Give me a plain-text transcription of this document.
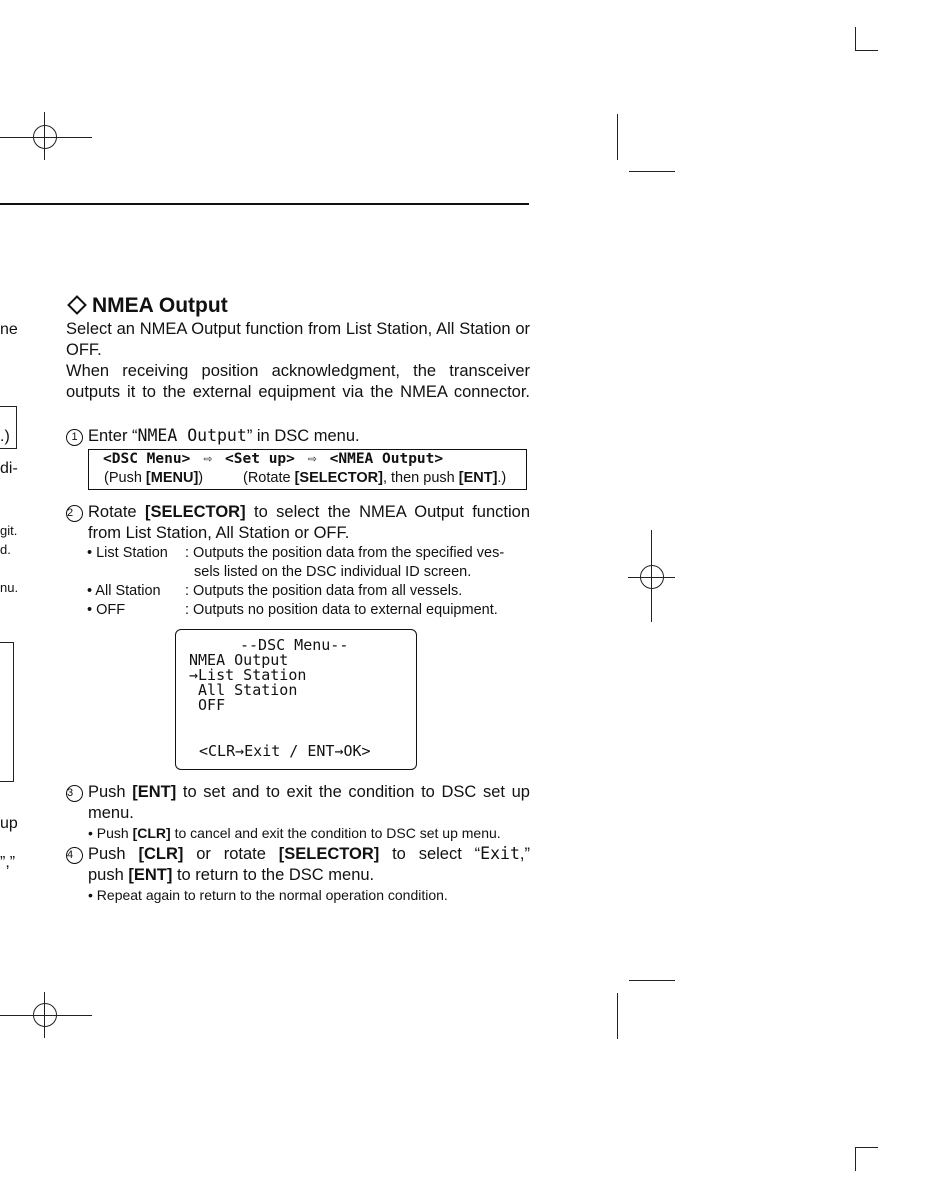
ne
.)
di-
git.
d.
nu.
up
”,”
NMEA Output
Select an NMEA Output function from List Station, All Station or OFF.
When receiving position acknowledgment, the transceiver outputs it to the external equipment via the NMEA connector.
1 Enter “NMEA Output” in DSC menu.
<DSC Menu> ⇨ <Set up> ⇨ <NMEA Output>
(Push [MENU])	(Rotate [SELECTOR], then push [ENT].)
2 Rotate [SELECTOR] to select the NMEA Output function
from List Station, All Station or OFF.
• List Station : Outputs the position data from the specified ves-
sels listed on the DSC individual ID screen.
• All Station : Outputs the position data from all vessels.
• OFF	: Outputs no position data to external equipment.
--DSC Menu--
NMEA Output
→List Station
All Station
OFF
<CLR→Exit / ENT→OK>
3 Push [ENT] to set and to exit the condition to DSC set up
menu.
• Push [CLR] to cancel and exit the condition to DSC set up menu.
4 Push [CLR] or rotate [SELECTOR] to select “Exit,”
push [ENT] to return to the DSC menu.
• Repeat again to return to the normal operation condition.
